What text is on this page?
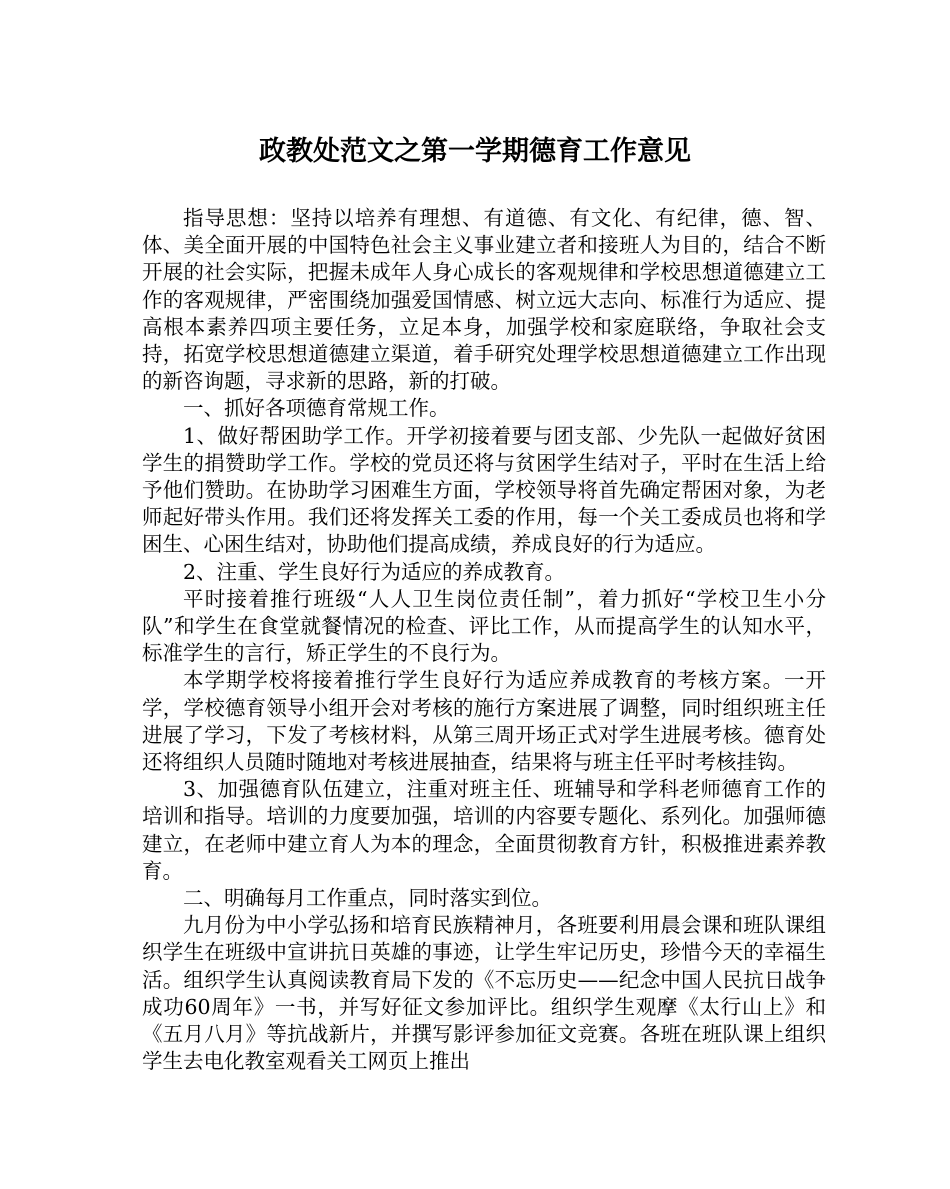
政教处范文之第一学期德育工作意见

指导思想：坚持以培养有理想、有道德、有文化、有纪律，德、智、体、美全面开展的中国特色社会主义事业建立者和接班人为目的，结合不断开展的社会实际，把握未成年人身心成长的客观规律和学校思想道德建立工作的客观规律，严密围绕加强爱国情感、树立远大志向、标准行为适应、提高根本素养四项主要任务，立足本身，加强学校和家庭联络，争取社会支持，拓宽学校思想道德建立渠道，着手研究处理学校思想道德建立工作出现的新咨询题，寻求新的思路，新的打破。

一、抓好各项德育常规工作。

1、做好帮困助学工作。开学初接着要与团支部、少先队一起做好贫困学生的捐赞助学工作。学校的党员还将与贫困学生结对子，平时在生活上给予他们赞助。在协助学习困难生方面，学校领导将首先确定帮困对象，为老师起好带头作用。我们还将发挥关工委的作用，每一个关工委成员也将和学困生、心困生结对，协助他们提高成绩，养成良好的行为适应。

2、注重、学生良好行为适应的养成教育。

平时接着推行班级“人人卫生岗位责任制”，着力抓好“学校卫生小分队”和学生在食堂就餐情况的检查、评比工作，从而提高学生的认知水平，标准学生的言行，矫正学生的不良行为。

本学期学校将接着推行学生良好行为适应养成教育的考核方案。一开学，学校德育领导小组开会对考核的施行方案进展了调整，同时组织班主任进展了学习，下发了考核材料，从第三周开场正式对学生进展考核。德育处还将组织人员随时随地对考核进展抽查，结果将与班主任平时考核挂钩。

3、加强德育队伍建立，注重对班主任、班辅导和学科老师德育工作的培训和指导。培训的力度要加强，培训的内容要专题化、系列化。加强师德建立，在老师中建立育人为本的理念，全面贯彻教育方针，积极推进素养教育。

二、明确每月工作重点，同时落实到位。

九月份为中小学弘扬和培育民族精神月，各班要利用晨会课和班队课组织学生在班级中宣讲抗日英雄的事迹，让学生牢记历史，珍惜今天的幸福生活。组织学生认真阅读教育局下发的《不忘历史——纪念中国人民抗日战争成功60周年》一书，并写好征文参加评比。组织学生观摩《太行山上》和《五月八月》等抗战新片，并撰写影评参加征文竞赛。各班在班队课上组织学生去电化教室观看关工网页上推出
